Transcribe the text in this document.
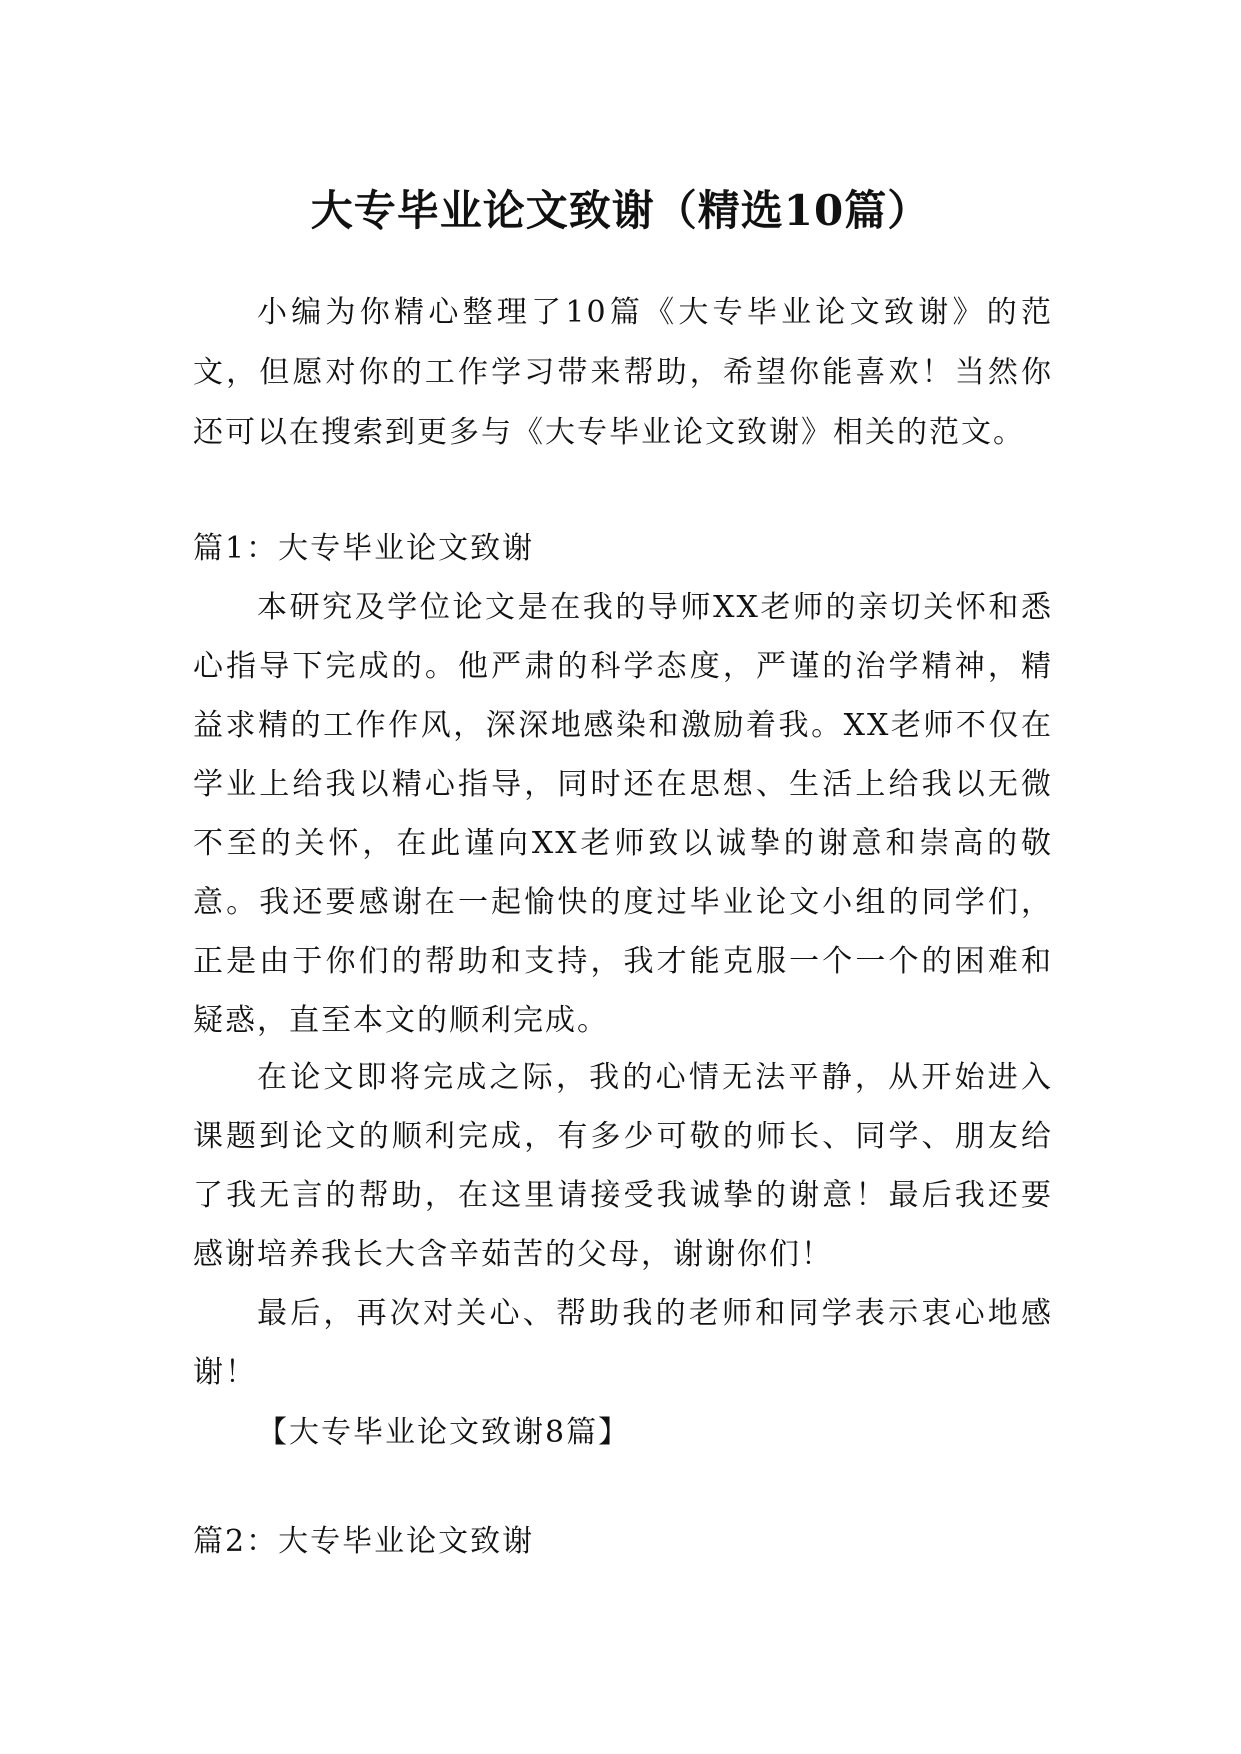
大专毕业论文致谢（精选10篇）

小编为你精心整理了10篇《大专毕业论文致谢》的范文，但愿对你的工作学习带来帮助，希望你能喜欢！当然你还可以在搜索到更多与《大专毕业论文致谢》相关的范文。

篇1：大专毕业论文致谢

本研究及学位论文是在我的导师XX老师的亲切关怀和悉心指导下完成的。他严肃的科学态度，严谨的治学精神，精益求精的工作作风，深深地感染和激励着我。XX老师不仅在学业上给我以精心指导，同时还在思想、生活上给我以无微不至的关怀，在此谨向XX老师致以诚挚的谢意和崇高的敬意。我还要感谢在一起愉快的度过毕业论文小组的同学们，正是由于你们的帮助和支持，我才能克服一个一个的困难和疑惑，直至本文的顺利完成。

在论文即将完成之际，我的心情无法平静，从开始进入课题到论文的顺利完成，有多少可敬的师长、同学、朋友给了我无言的帮助，在这里请接受我诚挚的谢意！最后我还要感谢培养我长大含辛茹苦的父母，谢谢你们！

最后，再次对关心、帮助我的老师和同学表示衷心地感谢！

【大专毕业论文致谢8篇】

篇2：大专毕业论文致谢
